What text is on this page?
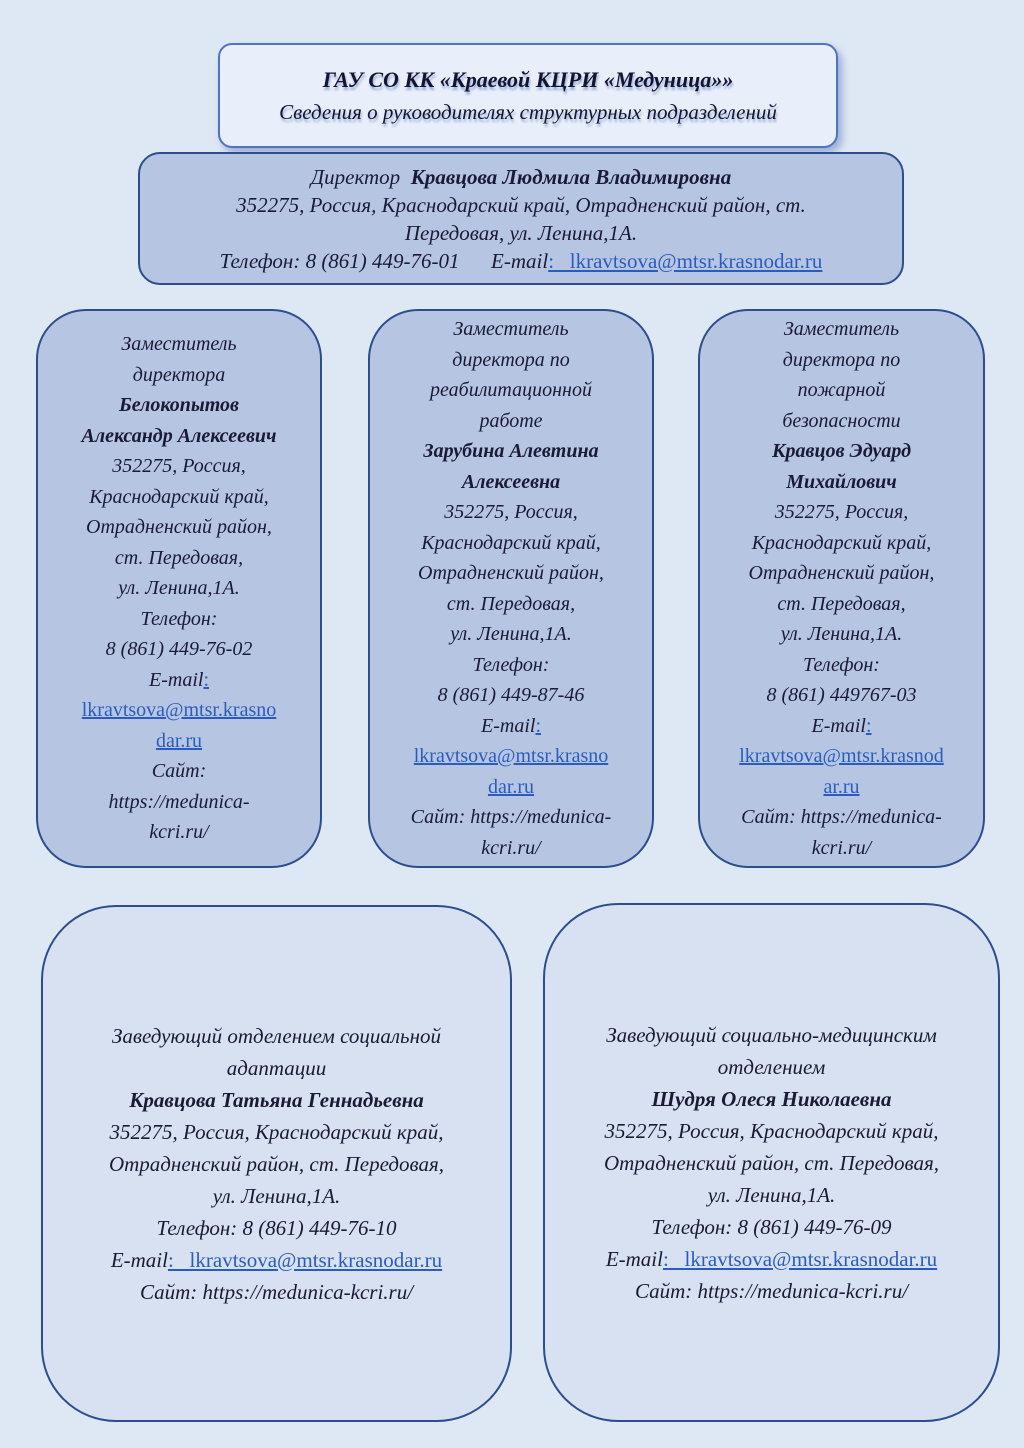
ГАУ СО КК «Краевой КЦРИ «Медуница»»
Сведения о руководителях структурных подразделений
Директор  Кравцова Людмила Владимировна
352275, Россия, Краснодарский край, Отрадненский район, ст.
Передовая, ул. Ленина,1А.
Телефон: 8 (861) 449-76-01      E-mail:   lkravtsova@mtsr.krasnodar.ru
Заместитель
директора
Белокопытов
Александр Алексеевич
352275, Россия,
Краснодарский край,
Отрадненский район,
ст. Передовая,
ул. Ленина,1А.
Телефон:
8 (861) 449-76-02
E-mail:
lkravtsova@mtsr.krasno
dar.ru
Сайт:
https://medunica-
kcri.ru/
Заместитель
директора по
реабилитационной
работе
Зарубина Алевтина
Алексеевна
352275, Россия,
Краснодарский край,
Отрадненский район,
ст. Передовая,
ул. Ленина,1А.
Телефон:
8 (861) 449-87-46
E-mail:
lkravtsova@mtsr.krasno
dar.ru
Сайт: https://medunica-
kcri.ru/
Заместитель
директора по
пожарной
безопасности
Кравцов Эдуард
Михайлович
352275, Россия,
Краснодарский край,
Отрадненский район,
ст. Передовая,
ул. Ленина,1А.
Телефон:
8 (861) 449767-03
E-mail:
lkravtsova@mtsr.krasnod
ar.ru
Сайт: https://medunica-
kcri.ru/
Заведующий отделением социальной
адаптации
Кравцова Татьяна Геннадьевна
352275, Россия, Краснодарский край,
Отрадненский район, ст. Передовая,
ул. Ленина,1А.
Телефон: 8 (861) 449-76-10
E-mail:   lkravtsova@mtsr.krasnodar.ru
Сайт: https://medunica-kcri.ru/
Заведующий социально-медицинским
отделением
Шудря Олеся Николаевна
352275, Россия, Краснодарский край,
Отрадненский район, ст. Передовая,
ул. Ленина,1А.
Телефон: 8 (861) 449-76-09
E-mail:   lkravtsova@mtsr.krasnodar.ru
Сайт: https://medunica-kcri.ru/
